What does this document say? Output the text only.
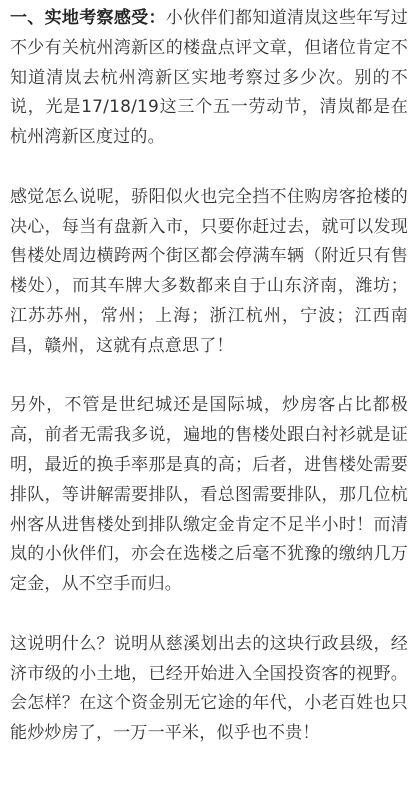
一、实地考察感受：小伙伴们都知道清岚这些年写过不少有关杭州湾新区的楼盘点评文章，但诸位肯定不知道清岚去杭州湾新区实地考察过多少次。别的不说，光是17/18/19这三个五一劳动节，清岚都是在杭州湾新区度过的。

感觉怎么说呢，骄阳似火也完全挡不住购房客抢楼的决心，每当有盘新入市，只要你赶过去，就可以发现售楼处周边横跨两个街区都会停满车辆（附近只有售楼处），而其车牌大多数都来自于山东济南，潍坊；江苏苏州，常州；上海；浙江杭州，宁波；江西南昌，赣州，这就有点意思了！

另外，不管是世纪城还是国际城，炒房客占比都极高，前者无需我多说，遍地的售楼处跟白衬衫就是证明，最近的换手率那是真的高；后者，进售楼处需要排队，等讲解需要排队，看总图需要排队，那几位杭州客从进售楼处到排队缴定金肯定不足半小时！而清岚的小伙伴们，亦会在选楼之后毫不犹豫的缴纳几万定金，从不空手而归。

这说明什么？说明从慈溪划出去的这块行政县级，经济市级的小土地，已经开始进入全国投资客的视野。会怎样？在这个资金别无它途的年代，小老百姓也只能炒炒房了，一万一平米，似乎也不贵！
